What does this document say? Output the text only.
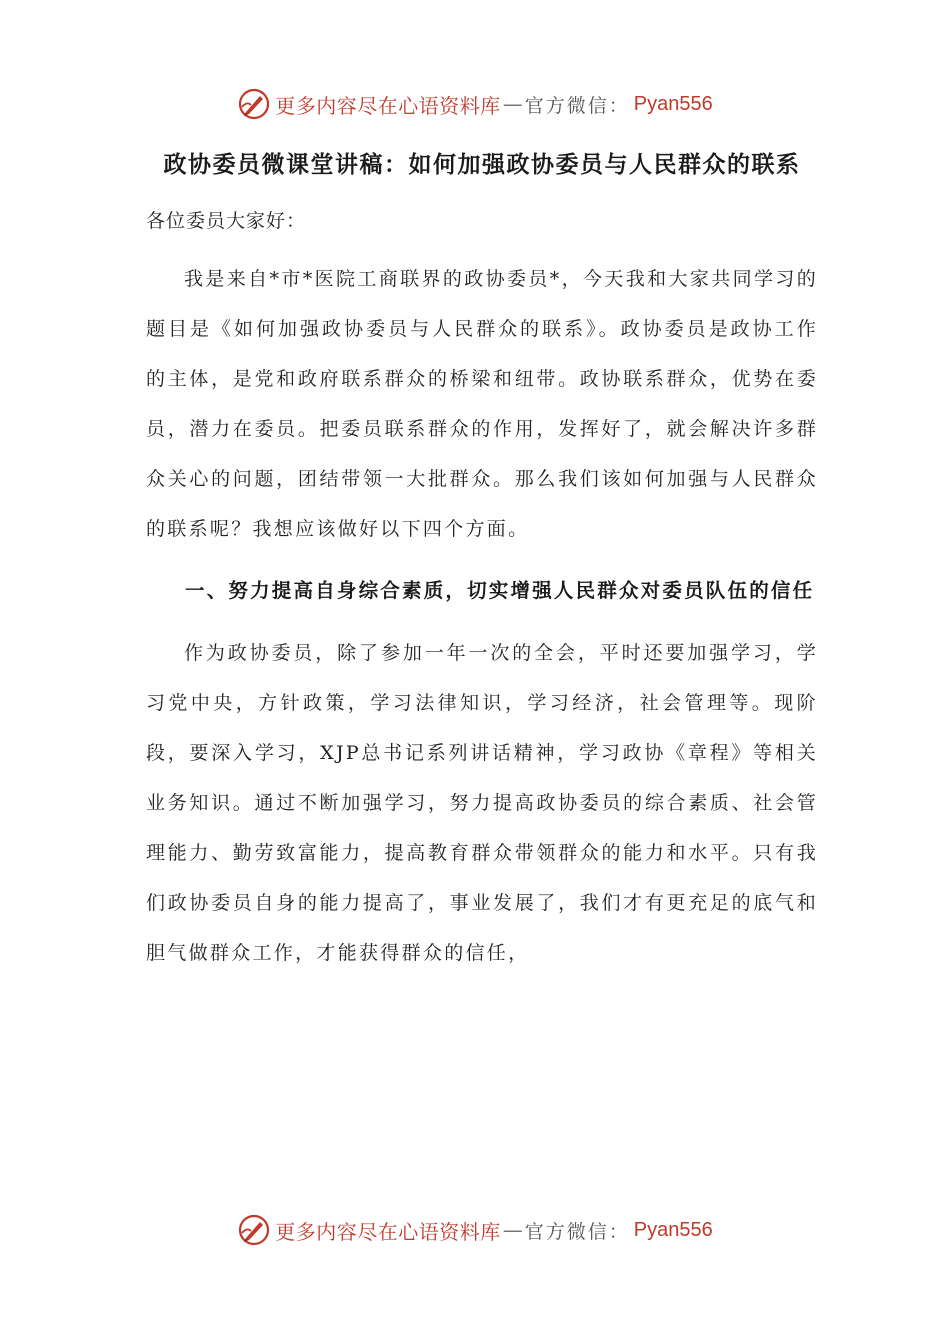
更多内容尽在心语资料库 — 官方微信： Pyan556
政协委员微课堂讲稿：如何加强政协委员与人民群众的联系
各位委员大家好：

我是来自*市*医院工商联界的政协委员*，今天我和大家共同学习的题目是《如何加强政协委员与人民群众的联系》。政协委员是政协工作的主体，是党和政府联系群众的桥梁和纽带。政协联系群众，优势在委员，潜力在委员。把委员联系群众的作用，发挥好了，就会解决许多群众关心的问题，团结带领一大批群众。那么我们该如何加强与人民群众的联系呢？我想应该做好以下四个方面。

一、努力提高自身综合素质，切实增强人民群众对委员队伍的信任

作为政协委员，除了参加一年一次的全会，平时还要加强学习，学习党中央，方针政策，学习法律知识，学习经济，社会管理等。现阶段，要深入学习，XJP总书记系列讲话精神，学习政协《章程》等相关业务知识。通过不断加强学习，努力提高政协委员的综合素质、社会管理能力、勤劳致富能力，提高教育群众带领群众的能力和水平。只有我们政协委员自身的能力提高了，事业发展了，我们才有更充足的底气和胆气做群众工作，才能获得群众的信任，

更多内容尽在心语资料库 — 官方微信： Pyan556
